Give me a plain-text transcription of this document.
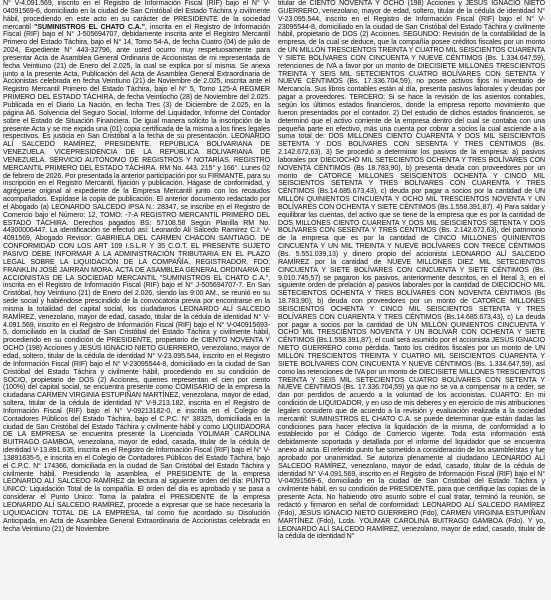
N° V-4.091.569, inscrito en el Registro de Información Fiscal (RIF) bajo el N° V-04091569-6, domiciliado en la ciudad de San Cristóbal del Estado Táchira y civilmente hábil, procediendo en este acto en su carácter de PRESIDENTE de la sociedad mercantil "SUMINISTROS EL CHATO C.A.", inscrita en el Registro de Información Fiscal (RIF) bajo el N° J-505694707, debidamente inscrita ante el Registro Mercantil Primero del Estado Táchira, bajo el N° 14, Tomo 54-A, de fecha Cuatro (04) de julio de 2024, Expediente N° 443-32796, ante usted ocurro muy respetuosamente para presentar Acta de Asamblea General Ordinaria de Accionistas de mi representada de fecha Veintiuno (21) de Enero del 2.025, la cual se explica por sí misma. Se anexa junto a la presente Acta, Publicación del Acta de Asamblea General Extraordinaria de Accionistas celebrada en fecha Veintiuno (21) de Noviembre de 2.025, inscrita ante el Registro Mercantil Primero del Estado Táchira, bajo el N° 5, Tomo 125-A REGMER PRIMERO DEL ESTADO TÁCHIRA, de fecha Veintiocho (28) de Noviembre del 2.025. Publicada en el Diario La Nación, en fecha Tres (3) de Diciembre de 2.025, en la página A6. Solvencia del Seguro Social, Informe del Liquidador, Informe del Contador sobre el Estado de Situación Financiera. De igual manera solicito la inscripción de la presente Acta y se me expida una (01) copia certificada de la misma a los fines legales respectivos. Es justicia en San Cristóbal a la fecha de su presentación. LEONARDO ALÍ SALCEDO RAMÍREZ, PRESIDENTE. REPÚBLICA BOLIVARIANA DE VENEZUELA. VICEPRESIDENCIA DE LA REPÚBLICA BOLIVARIANA DE VENEZUELA. SERVICIO AUTÓNOMO DE REGISTROS Y NOTARÍAS. REGISTRO MERCANTIL PRIMERO DEL ESTADO TÁCHIRA. RM No. 443. 215° y 166°. Lunes 02 de febrero de 2026. Por presentada la anterior participación por su FIRMANTE, para su inscripción en el Registro Mercantil, fíjación y publicación. Hágase de conformidad, y agréguese original al expediente de la Empresa Mercantil junto con los recaudos acompañados. Expídase la copia de publicación. El anterior documento redactado por el Abogado (a) LEONARDO SALCEDO IPSA N.: 28347, se inscribe en el Registro de Comercio bajo el Número: 12, TOMO: -7-A REGISTRO MERCANTIL PRIMERO DEL ESTADO TÁCHIRA. Derechos pagados BS: 57108.58 Según Planilla RM No. 44300006447. La identificación se efectuó así: Leonardo Alí Salcedo Ramírez C.I: V-4091569, Abogado Revisor: GABRIELA DEL CARMEN CHACON SANTIAGO. DE CONFORMIDAD CON LOS ART 109 I.S.L.R Y 35 C.O.T. EL PRESENTE SUJETO PASIVO DEBE INFORMAR A LA ADMINISTRACIÓN TRIBUTARIA EN EL PLAZO LEGAL SOBRE LA LIQUIDACIÓN DE LA COMPAÑÍA. REGISTRADOR. FDO: FRANKLIN JOSÉ JAIRRAN MORA. ACTA DE ASAMBLEA GENERAL ORDINARIA DE ACCIONISTAS DE LA SOCIEDAD MERCANTIL "SUMINISTROS EL CHATO C.A.", inscrita en el Registro de Información Fiscal (RIF) bajo el N° J-505694707-7. En San Cristóbal, hoy Veintiuno (21) de Enero del 2.026, siendo las 9:00 AM., se reunió en su sede social y habiéndose prescindido de la convocatoria previa por encontrarse en la misma la totalidad del capital social, los ciudadanos LEONARDO ALÍ SALCEDO RAMÍREZ, venezolano, mayor de edad, casado, titular de la cédula de identidad N° V-4.091.569, inscrito en el Registro de Información Fiscal (RIF) bajo el N° V-040915693-5, domiciliado en la ciudad de San Cristóbal del Estado Táchira y civilmente hábil, procediendo en su condición de PRESIDENTE, propietario de CIENTO NOVENTA Y OCHO (198) Acciones y JESÚS IGNACIO NIETO GUERRERO, venezolano, mayor de edad, soltero, titular de la cédula de identidad N° V-23.095.544, inscrito en el Registro de Información Fiscal (RIF) bajo el N° V-23095544-8, domiciliado en la ciudad de San Cristóbal del Estado Táchira y civilmente hábil, procediendo en su condición de SOCIO, propietario de DOS (2) Acciones, quienes representan el cien por ciento (100%) del capital social, se encuentra presente como COMISARIO de la empresa la ciudadana CARMEN VIRGINIA ESTUPIÑAN MARTÍNEZ, venezolana, mayor de edad, soltera, titular de la cédula de identidad N° V-9.213.182, inscrita en el Registro de Información Fiscal (RIF) bajo el N° V-09213182-0, e inscrita en el Colegio de Contadores Públicos del Estado Táchira, bajo el C.P.C. N° 38325, domiciliada en la ciudad de San Cristóbal del Estado Táchira y civilmente hábil y como LIQUIDADORA DE LA EMPRESA se encuentra presente la Licenciada YOLIMAR CAROLINA BUITRAGO GAMBOA, venezolana, mayor de edad, casada, titular de la cédula de identidad V-13.891.635, inscrita en el Registro de Información Fiscal (RIF) bajo el N° V-13891635-5, e inscrita en el Colegio de Contadores Públicos del Estado Táchira, bajo el C.P.C. N° 174366, domiciliada en la ciudad de San Cristóbal del Estado Táchira y civilmente hábil. Presidiendo la asamblea, el PRESIDENTE de la empresa LEONARDO ALÍ SALCEDO RAMÍREZ da lectura al siguiente orden del día: PUNTO ÚNICO: Liquidación Total de la compañía. El orden del día es aprobado y se pasa a considerar el Punto Único: Toma la palabra el PRESIDENTE de la empresa LEONARDO ALÍ SALCEDO RAMÍREZ, procede a expresar que se hace necesaria la LIQUIDACIÓN TOTAL DE LA EMPRESA, tal como fue acordado su Disolución Anticipada, en Acta de Asamblea General Extraordinaria de Accionistas celebrada en fecha Veintiuno (21) de Noviembre

titular de CIENTO NOVENTA Y OCHO (198) Acciones y JESÚS IGNACIO NIETO GUERRERO, venezolano, mayor de edad, soltero, titular de la cédula de identidad N° V-23.095.544, inscrito en el Registro de Información Fiscal (RIF) bajo el N° V-23095544-8, domiciliado en la ciudad de San Cristóbal del Estado Táchira y civilmente hábil, propietario de DOS (2) Acciones. SEGUNDO: Revisión de la contabilidad de la empresa, de la cual se deduce, que la compañía posee créditos fiscales por un monto de UN MILLÓN TRESCIENTOS TREINTA Y CUATRO MIL SEISCIENTOS CUARENTA Y SIETE BOLÍVARES CON CINCUENTA Y NUEVE CÉNTIMOS (Bs. 1.334.647,59), retenciones de IVA a favor por un monto de DIECISIETE MILLONES TRESCIENTOS TREINTA Y SEIS MIL SETECIENTOS CUATRO BOLÍVARES CON SETENTA Y NUEVE CÉNTIMOS (Bs. 17.336.704,59), no posee activos fijos ni inventario de Mercancía. Sus libros contables están al día, presenta pasivos laborales y deudas por pagar a proveedores. TERCERO: Si se hace la revisión de los asientos contables, según los últimos estados financieros, donde la empresa reporto movimiento que fueron presentados por el contador. 2) Del estudio de dichos estados financieros, se determinó que el activo corriente de la empresa dentro del cual se contaba con una pequeña parte en efectivo, más una cuenta por cobrar a socios la cual asciende a la suma total de: DOS MILLONES CIENTO CUARENTA Y DOS MIL SEISCIENTOS SETENTA Y DOS BOLÍVARES CON SESENTA Y TRES CÉNTIMOS (Bs. 2.142.672,63). 3) Se procedió a determinar los pasivos de la empresa: a) pasivos laborales por DIECIOCHO MIL SETECIENTOS OCHENTA Y TRES BOLÍVARES CON NOVENTA CÉNTIMOS (Bs 18.783,90), b) presenta deuda con proveedores por un monto de CATORCE MILLONES SEISCIENTOS OCHENTA Y CINCO MIL SEISCIENTOS SETENTA Y TRES BOLÍVARES CON CUARENTA Y TRES CÉNTIMOS (Bs.14.685.673,43), c) deuda por pagar a socios por la cantidad de UN MILLÓN QUINIENTOS CINCUENTA Y OCHO MIL TRESCIENTOS NOVENTA Y UN BOLÍVARES CON OCHENTA Y SIETE CÉNTIMOS (Bs.1.558.391,87). 4) Para saldar y equilibrar las cuentas, del activo que se tiene de la empresa que es por la cantidad de DOS MILLONES CIENTO CUARENTA Y DOS MIL SEISCIENTOS SETENTA Y DOS BOLÍVARES CON SESENTA Y TRES CÉNTIMOS (Bs. 2.142.672,63), del patrimonio de la empresa que es por la cantidad de CINCO MILLONES QUINIENTOS CINCUENTA Y UN MIL TREINTA Y NUEVE BOLÍVARES CON TRECE CÉNTIMOS (Bs. 5.551.039,13) y dinero propio del accionista LEONARDO ALÍ SALCEDO RAMÍREZ por la cantidad de NUEVE MILLONES DIEZ MIL SETECIENTOS CINCUENTA Y SIETE BOLÍVARES CON CINCUENTA Y SIETE CÉNTIMOS (Bs. 9.010.745,57) se pagaron los pasivos, anteriormente descritos, en el literal 3, en el siguiente orden de prelación a) pasivos laborales por la cantidad de DIECIOCHO MIL SETECIENTOS OCHENTA Y TRES BOLÍVARES CON NOVENTA CÉNTIMOS (Bs 18.783,90), b) deuda con proveedores por un monto de CATORCE MILLONES SEISCIENTOS OCHENTA Y CINCO MIL SEISCIENTOS SETENTA Y TRES BOLÍVARES CON CUARENTA Y TRES CÉNTIMOS (Bs.14.685.673,43), c) La deuda por pagar a socios por la cantidad de UN MILLÓN QUINIENTOS CINCUENTA Y OCHO MIL TRESCIENTOS NOVENTA Y UN BOLÍVAR CON OCHENTA Y SIETE CÉNTIMOS (Bs.1.558.391,87), el cual será asumido por el accionista JESÚS IGNACIO NIETO GUERRERO como pérdida. Tanto los créditos fiscales por un monto de UN MILLÓN TRESCIENTOS TREINTA Y CUATRO MIL SEISCIENTOS CUARENTA Y SIETE BOLÍVARES CON CINCUENTA Y NUEVE CÉNTIMOS (Bs. 1.334.647,59), así como las retenciones de IVA por un monto de DIECISIETE MILLONES TRESCIENTOS TREINTA Y SEIS MIL SETECIENTOS CUATRO BOLÍVARES CON SETENTA Y NUEVE CÉNTIMOS (Bs. 17.336.704,59) ya que no se va a compensar ni a ceder, se dan por perdidos de acuerdo a la voluntad de los accionistas. CUARTO: En mi condición de LIQUIDADOR, y en uso de mis deberes y en ejercicio de mis atribuciones legales considero que de acuerdo a la revisión y evaluación realizada a la sociedad mercantil: SUMINISTROS EL CHATO C.A. se puede determinar que están dadas las condiciones para hacer efectiva la liquidación de la misma, de conformidad a lo establecido por el Código de Comercio vigente. Toda esta información está debidamente soportada y detallada por el informe del liquidador que se encuentra anexo al acta. El referido punto fue sometido a consideración de los asambleístas y fue aprobado por unanimidad. Se autoriza plenamente al ciudadano LEONARDO ALÍ SALCEDO RAMÍREZ, venezolano, mayor de edad, casado, titular de la cédula de identidad N° V-4.091.569, inscrito en el Registro de Información Fiscal (RIF) bajo el N° V-04091569-6, domiciliado en la ciudad de San Cristóbal del Estado Táchira y civilmente hábil, en su condición de PRESIDENTE, para que certifique las copias de la presente Acta. No habiendo otro asunto sobre el cual tratar, terminó la reunión, se redactó y firmaron en señal de conformidad: LEONARDO ALÍ SALCEDO RAMÍREZ (Fdo), JESÚS IGNACIO NIETO GUERRERO (Fdo), CARMEN VIRGINIA ESTUPIÑAN MARTÍNEZ (Fdo), Lcda. YOLIMAR CAROLINA BUITRAGO GAMBOA (Fdo). Y yo, LEONARDO ALÍ SALCEDO RAMÍREZ, venezolano, mayor de edad, casado, titular de la cédula de identidad N°
